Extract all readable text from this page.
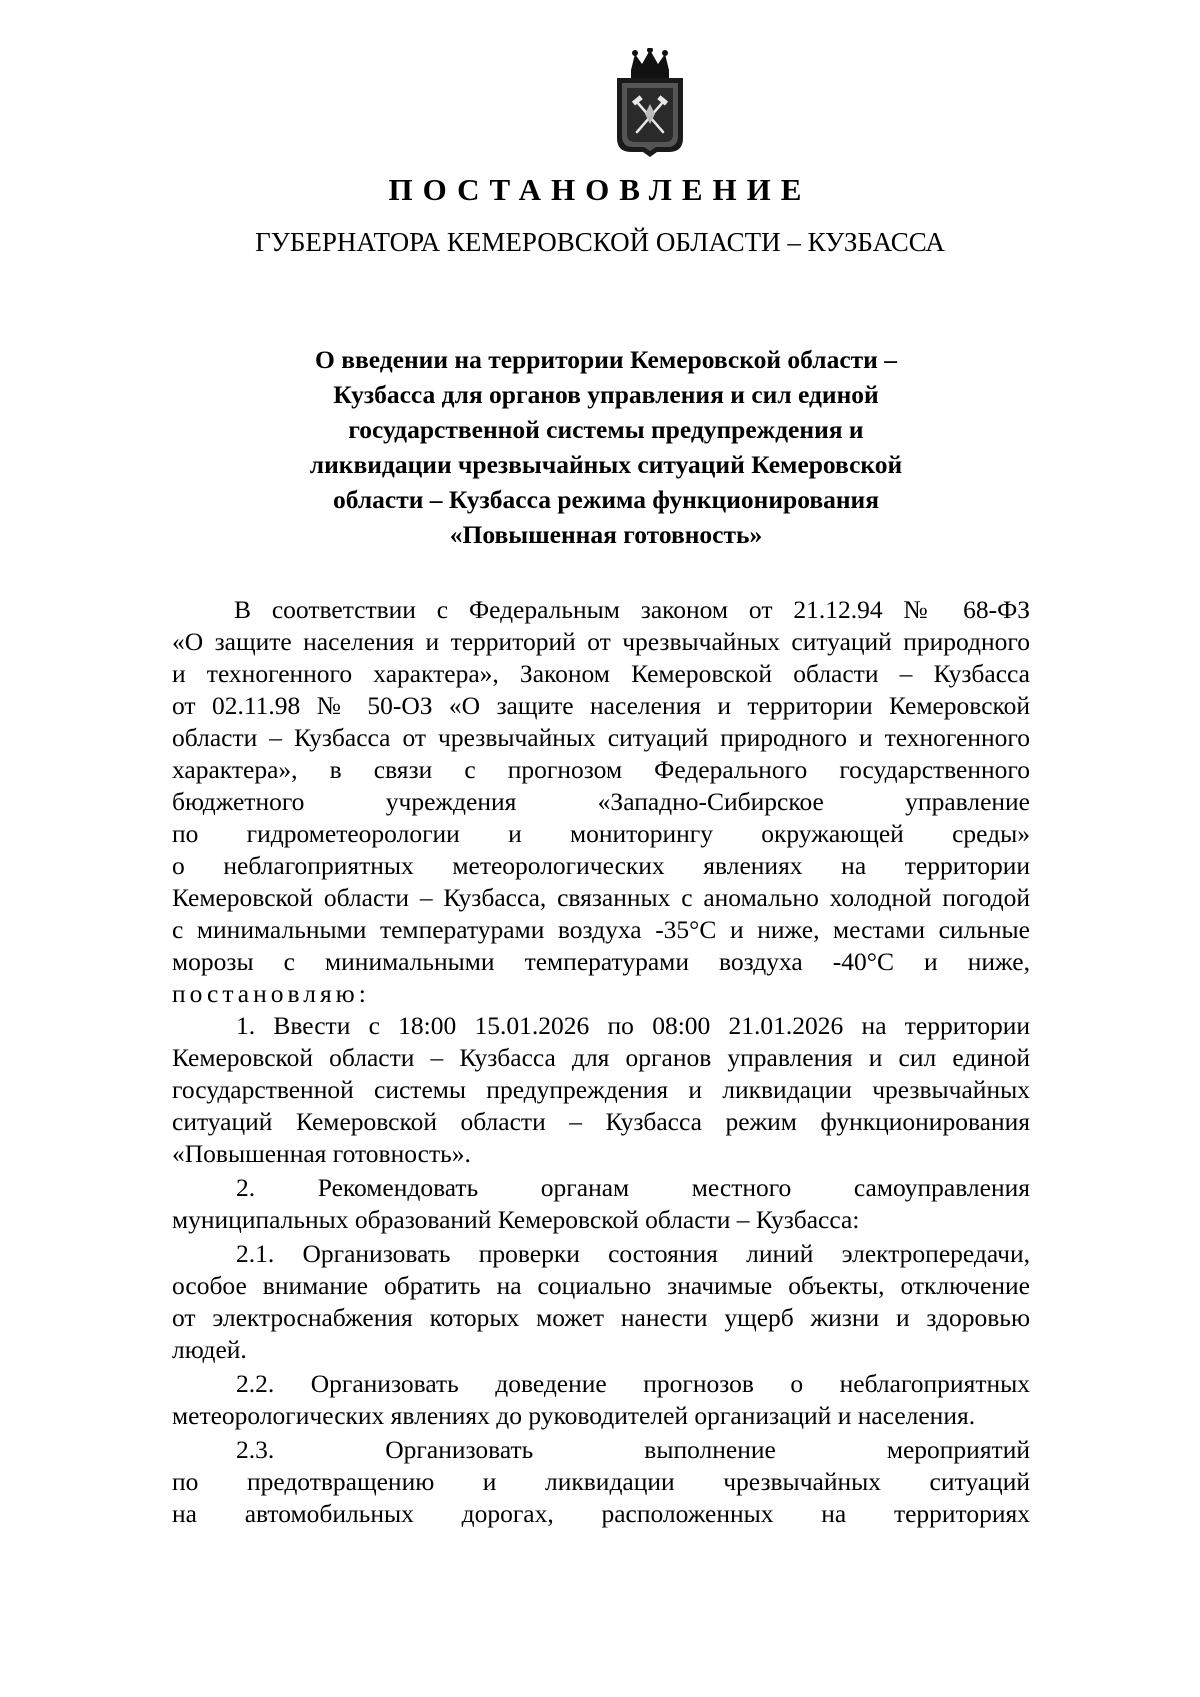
ПОСТАНОВЛЕНИЕ
ГУБЕРНАТОРА КЕМЕРОВСКОЙ ОБЛАСТИ – КУЗБАССА
О введении на территории Кемеровской области –
Кузбасса для органов управления и сил единой
государственной системы предупреждения и
ликвидации чрезвычайных ситуаций Кемеровской
области – Кузбасса режима функционирования
«Повышенная готовность»
В соответствии с Федеральным законом от 21.12.94 № 68-ФЗ
«О защите населения и территорий от чрезвычайных ситуаций природного
и техногенного характера», Законом Кемеровской области – Кузбасса
от 02.11.98 № 50-ОЗ «О защите населения и территории Кемеровской
области – Кузбасса от чрезвычайных ситуаций природного и техногенного
характера», в связи с прогнозом Федерального государственного
бюджетного учреждения «Западно-Сибирское управление
по гидрометеорологии и мониторингу окружающей среды»
о неблагоприятных метеорологических явлениях на территории
Кемеровской области – Кузбасса, связанных с аномально холодной погодой
с минимальными температурами воздуха -35°С и ниже, местами сильные
морозы с минимальными температурами воздуха -40°С и ниже,
постановляю:
1. Ввести с 18:00 15.01.2026 по 08:00 21.01.2026 на территории
Кемеровской области – Кузбасса для органов управления и сил единой
государственной системы предупреждения и ликвидации чрезвычайных
ситуаций Кемеровской области – Кузбасса режим функционирования
«Повышенная готовность».
2. Рекомендовать органам местного самоуправления
муниципальных образований Кемеровской области – Кузбасса:
2.1. Организовать проверки состояния линий электропередачи,
особое внимание обратить на социально значимые объекты, отключение
от электроснабжения которых может нанести ущерб жизни и здоровью
людей.
2.2. Организовать доведение прогнозов о неблагоприятных
метеорологических явлениях до руководителей организаций и населения.
2.3. Организовать выполнение мероприятий
по предотвращению и ликвидации чрезвычайных ситуаций
на автомобильных дорогах, расположенных на территориях
